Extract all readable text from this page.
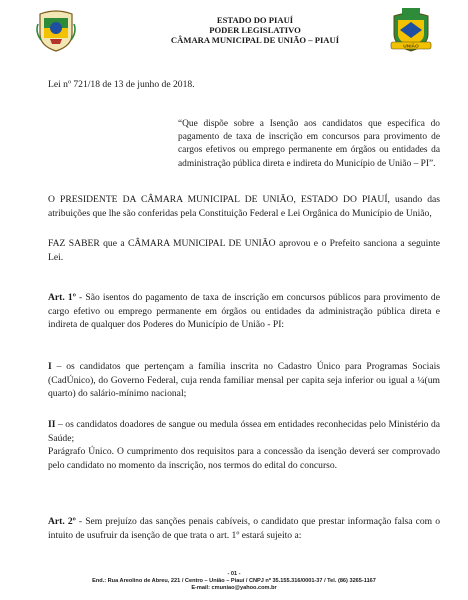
ESTADO DO PIAUÍ
PODER LEGISLATIVO
CÂMARA MUNICIPAL DE UNIÃO – PIAUÍ
UNIÃO
Lei nº 721/18 de 13 de junho de 2018.
“Que dispõe sobre a Isenção aos candidatos que especifica do pagamento de taxa de inscrição em concursos para provimento de cargos efetivos ou emprego permanente em órgãos ou entidades da administração pública direta e indireta do Município de União – PI”.
O PRESIDENTE DA CÂMARA MUNICIPAL DE UNIÃO, ESTADO DO PIAUÍ, usando das atribuições que lhe são conferidas pela Constituição Federal e Lei Orgânica do Município de União,
FAZ SABER que a CÂMARA MUNICIPAL DE UNIÃO aprovou e o Prefeito sanciona a seguinte Lei.
Art. 1º - São isentos do pagamento de taxa de inscrição em concursos públicos para provimento de cargo efetivo ou emprego permanente em órgãos ou entidades da administração pública direta e indireta de qualquer dos Poderes do Município de União - PI:
I – os candidatos que pertençam a família inscrita no Cadastro Único para Programas Sociais (CadÚnico), do Governo Federal, cuja renda familiar mensal per capita seja inferior ou igual a ¼(um quarto) do salário-mínimo nacional;
II – os candidatos doadores de sangue ou medula óssea em entidades reconhecidas pelo Ministério da Saúde;
Parágrafo Único. O cumprimento dos requisitos para a concessão da isenção deverá ser comprovado pelo candidato no momento da inscrição, nos termos do edital do concurso.
Art. 2º - Sem prejuízo das sanções penais cabíveis, o candidato que prestar informação falsa com o intuito de usufruir da isenção de que trata o art. 1º estará sujeito a:
- 01 -
End.: Rua Areolino de Abreu, 221 / Centro – União – Piauí / CNPJ nº 35.155.316/0001-37 / Tel. (86) 3265-1167
E-mail: cmuniao@yahoo.com.br
